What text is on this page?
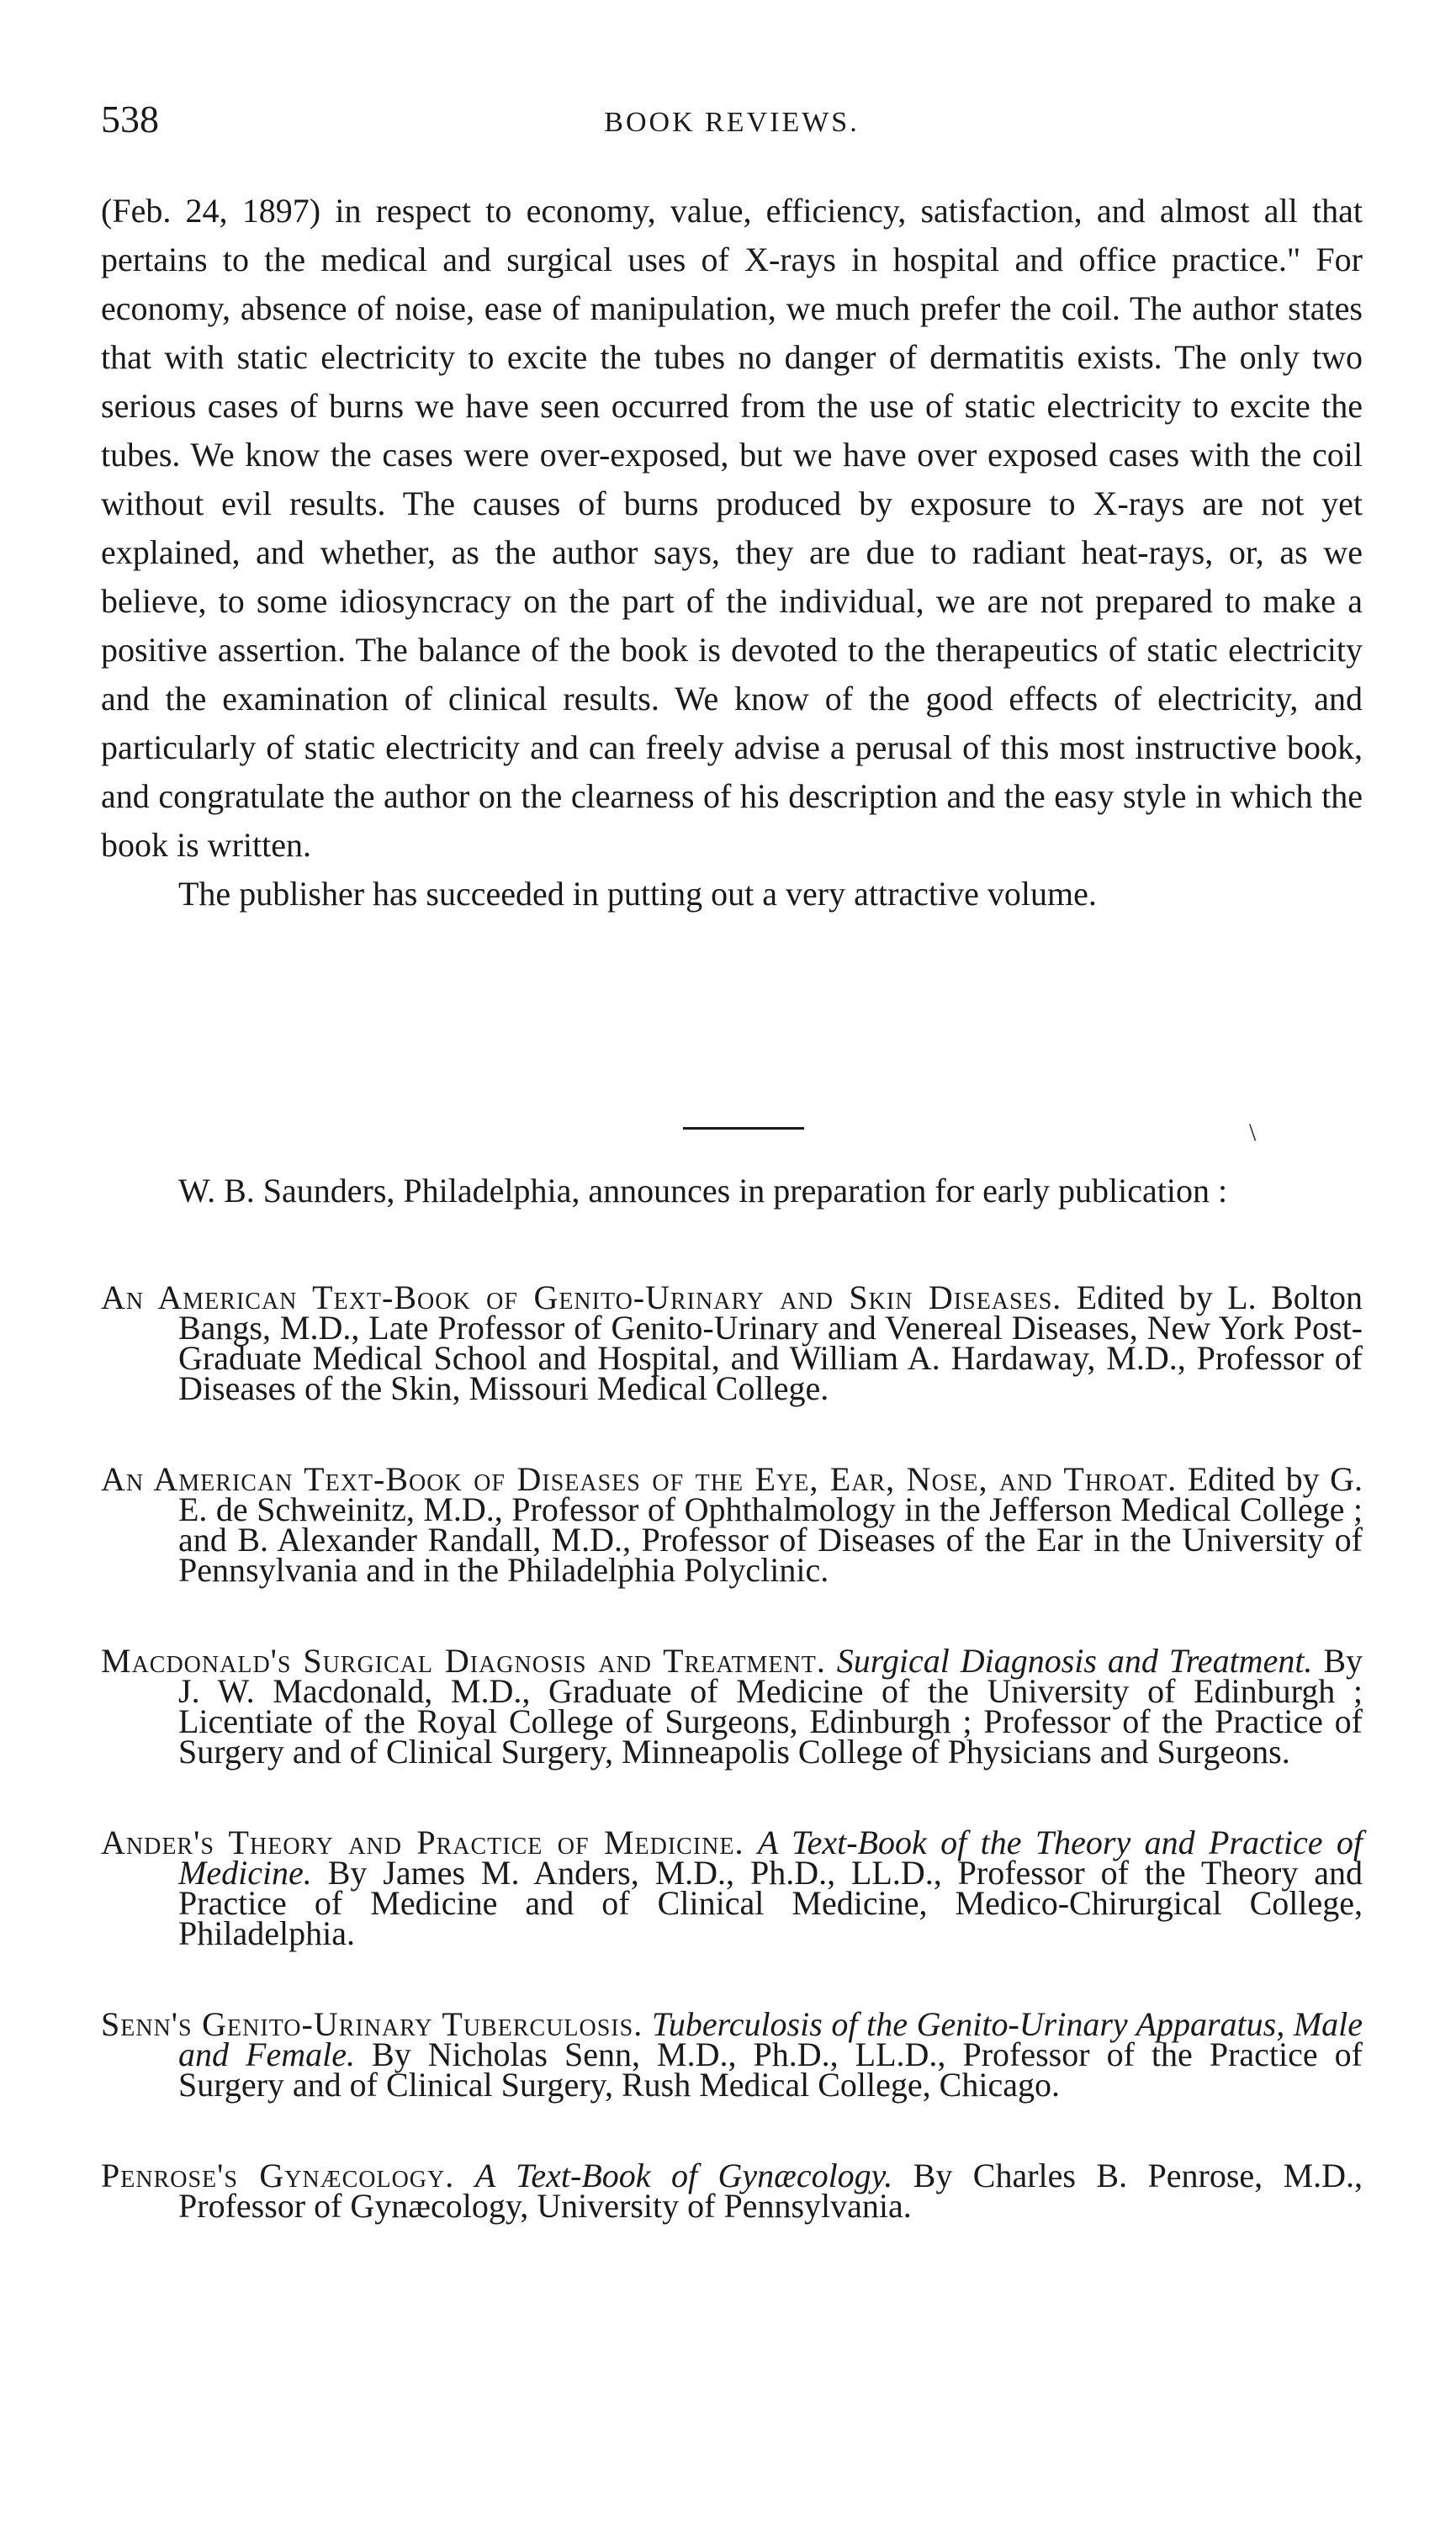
538	BOOK REVIEWS.

(Feb. 24, 1897) in respect to economy, value, efficiency, satisfaction, and almost all that pertains to the medical and surgical uses of X-rays in hospital and office practice." For economy, absence of noise, ease of manipulation, we much prefer the coil. The author states that with static electricity to excite the tubes no danger of dermatitis exists. The only two serious cases of burns we have seen occurred from the use of static electricity to excite the tubes. We know the cases were over-exposed, but we have over exposed cases with the coil without evil results. The causes of burns produced by exposure to X-rays are not yet explained, and whether, as the author says, they are due to radiant heat-rays, or, as we believe, to some idiosyncracy on the part of the individual, we are not prepared to make a positive assertion. The balance of the book is devoted to the therapeutics of static electricity and the examination of clinical results. We know of the good effects of electricity, and particularly of static electricity and can freely advise a perusal of this most instructive book, and congratulate the author on the clearness of his description and the easy style in which the book is written.

The publisher has succeeded in putting out a very attractive volume.

\

W. B. Saunders, Philadelphia, announces in preparation for early publication :

An American Text-Book of Genito-Urinary and Skin Diseases. Edited by L. Bolton Bangs, M.D., Late Professor of Genito-Urinary and Venereal Diseases, New York Post-Graduate Medical School and Hospital, and William A. Hardaway, M.D., Professor of Diseases of the Skin, Missouri Medical College.

An American Text-Book of Diseases of the Eye, Ear, Nose, and Throat. Edited by G. E. de Schweinitz, M.D., Professor of Ophthalmology in the Jefferson Medical College ; and B. Alexander Randall, M.D., Professor of Diseases of the Ear in the University of Pennsylvania and in the Philadelphia Polyclinic.

Macdonald's Surgical Diagnosis and Treatment. Surgical Diagnosis and Treatment. By J. W. Macdonald, M.D., Graduate of Medicine of the University of Edinburgh ; Licentiate of the Royal College of Surgeons, Edinburgh ; Professor of the Practice of Surgery and of Clinical Surgery, Minneapolis College of Physicians and Surgeons.

Ander's Theory and Practice of Medicine. A Text-Book of the Theory and Practice of Medicine. By James M. Anders, M.D., Ph.D., LL.D., Professor of the Theory and Practice of Medicine and of Clinical Medicine, Medico-Chirurgical College, Philadelphia.

Senn's Genito-Urinary Tuberculosis. Tuberculosis of the Genito-Urinary Apparatus, Male and Female. By Nicholas Senn, M.D., Ph.D., LL.D., Professor of the Practice of Surgery and of Clinical Surgery, Rush Medical College, Chicago.

Penrose's Gynæcology. A Text-Book of Gynæcology. By Charles B. Penrose, M.D., Professor of Gynæcology, University of Pennsylvania.
